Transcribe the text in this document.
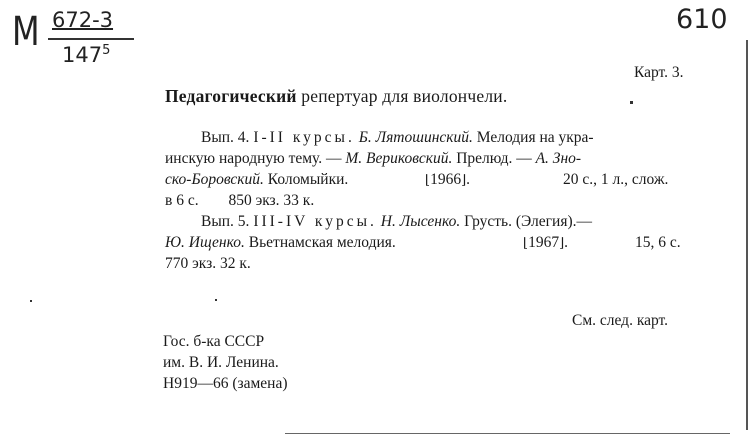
М 672-3
$147^5$
610
Карт. 3.
Педагогический репертуар для виолончели.
Вып. 4. I-II курсы. Б. Лятошинский. Мелодия на укра-
инскую народную тему. — М. Вериковский. Прелюд. — А. Зно-
ско-Боровский. Коломыйки.
в 6 с. 850 экз. 33 к.
⌊1966⌋.	20 с., 1 л., слож.
Вып. 5. III-IV курсы. Н. Лысенко. Грусть. (Элегия).—
Ю. Ищенко. Вьетнамская мелодия.
770 экз. 32 к.
⌊1967⌋.	15, 6 с.
См. след. карт.
Гос. б-ка СССР
им. В. И. Ленина.
Н919—66 (замена)
